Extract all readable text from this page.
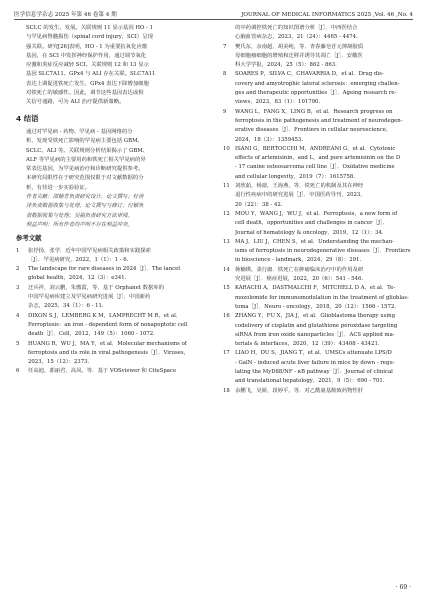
医学信息学杂志 2025 年第 46 卷第 4 期	JOURNAL OF MEDICAL INFORMATICS 2025 ,Vol. 46 ,No. 4
SCI.C 的发生、发展。关联规则 11 显示基因 HO - 1
与罕见病脊髓损伤（spinal cord injury，SCI）呈现
强关联。研究[26]表明，HO - 1 为重要抗氧化应激
基因，在 SCI 中发挥神经保护作用，通过调节氧化
应激和炎症反应减轻 SCI。关联规则 12 和 13 显示
基因 SLC7A11、GPx4 与 ALI 存在关联。SLC7A11
表达上调促进铁死亡发生，GPx4 表达下降增加细胞
对铁死亡的敏感性。因此，调节这些基因表达或相
关信号通路，可为 ALI 治疗提供新策略。
4 结语
通过对罕见病 - 药物、罕见病 - 基因网络的分
析，发现受铁死亡影响的罕见病主要包括 GBM、
SCLC、ALI 等。关联规则分析结果揭示了 GBM、
ALF 等罕见病的主要用药和铁死亡相关罕见病的异
常表达基因，为罕见病治疗和诊断研究提供参考。
本研究局限性在于研究范围仅限于对文献数据的分
析，有待进一步实验验证。
作者贡献：邵楠芳负责研究设计、论文撰写；杜涛
泽负责数据收集与处理、论文撰写与修订；付颖负
责数据收集与处理；吴福负责研究方法审阅。
利益声明：所有作者均声明不存在利益冲突。
参考文献
1	张抒扬，张学．近年中国罕见病相关政策和实践探索
［J］．罕见病研究，2022，1（1）：1 - 6.
2	The landscape for rare diseases in 2024［J］．The lancet
global health，2024，12（3）：e341.
3	迂兵祥，刘云鹏，朱傲霞，等．基于 Orphanet 数据库的
中国罕见病库建立及罕见病研究进展［J］．中国新药
杂志，2025，34（1）：6 - 11.
4	DIXON S J，LEMBERG K M，LAMPRECHT M R，et al．
Ferroptosis：an iron - dependent form of nonapoptotic cell
death［J］．Cell，2012，149（5）：1060 - 1072.
5	HUANG R，WU J，MA Y，et al．Molecular mechanisms of
ferroptosis and its role in viral pathogenesis［J］．Viruses，
2023，15（12）：2373.
6	任高迪，郭丽君，高凤，等．基于 VOSviewer 和 CiteSpace
的中药调控铁死亡的知识图谱分析［J］．中西医结合
心脑血管病杂志，2023，21（24）：4465 - 4474.
7	樊氏东，余南超，胡美纯，等．青春藤皂苷元抑制胶质
母细胞瘤细胞的增殖和迁移并诱导其凋亡［J］．安徽医
科大学学报，2024，25（5）：862 - 863.
8	SOARES P，SILVA C，CHAVARRIA D，et al．Drug dis-
covery and amyotrophic lateral sclerosis：emerging challen-
ges and therapeutic opportunities［J］．Ageing research re-
views，2023，83（1）：101790.
9	WANG L，FANG X，LING B，et al．Research progress on
ferroptosis in the pathogenesis and treatment of neurodegen-
erative diseases［J］．Frontiers in cellular neuroscience，
2024，18（3）：1359453.
10 ISANI G，BERTOCCHI M，ANDREANI G，et al．Cytotoxic
effects of artemisinin，and L，and pure artemisinin on the D
- 17 canine osteosarcoma cell line［J］．Oxidative medicine
and cellular longevity，2019（7）：1615758.
11 刘欣茹，杨凛，王海燕，等．铁死亡的机制及其在神经
退行性疾病中的研究进展［J］．中国医药导刊，2023，
20（22）：38 - 42.
12 MOU Y，WANG J，WU J，et al．Ferroptosis，a new form of
cell death，opportunities and challenges in cancer［J］．
Journal of hematology & oncology，2019，12（1）：34.
13 MA J，LIU J，CHEN S，et al．Understanding the mechan-
isms of ferroptosis in neurodegenerative diseases［J］．Frontiers
in bioscience - landmark，2024，29（8）：291.
14 蒋楠瑛，柔行庸．铁死亡在肿瘤临床治疗中的作用及研
究进展［J］．癌症进展，2022，20（6）：541 - 546.
15 KARACHI A，DASTMALCHI F，MITCHELL D A，et al．Te-
mozolomide for immunomodulation in the treatment of glioblas-
toma［J］．Neuro - oncology，2018，20（12）：1566 - 1572.
16 ZHANG Y，FU X，JIA J，et al．Glioblastoma therapy using
codelivery of cisplatin and glutathione peroxidase targeting
siRNA from iron oxide nanoparticles［J］．ACS applied ma-
terials & interfaces，2020，12（39）：43408 - 43421.
17 LIAO H，DU S，JIANG T，et al．UMSCs attenuate LPS/D
- GalN - induced acute liver failure in mice by down - regu-
lating the MyD88/NF - κB pathway［J］．Journal of clinical
and translational hepatology，2021，9（5）：690 - 701.
18 余鹏飞，吴娇，段婷平，等．对乙酰氨基酚致药物性肝
· 69 ·
